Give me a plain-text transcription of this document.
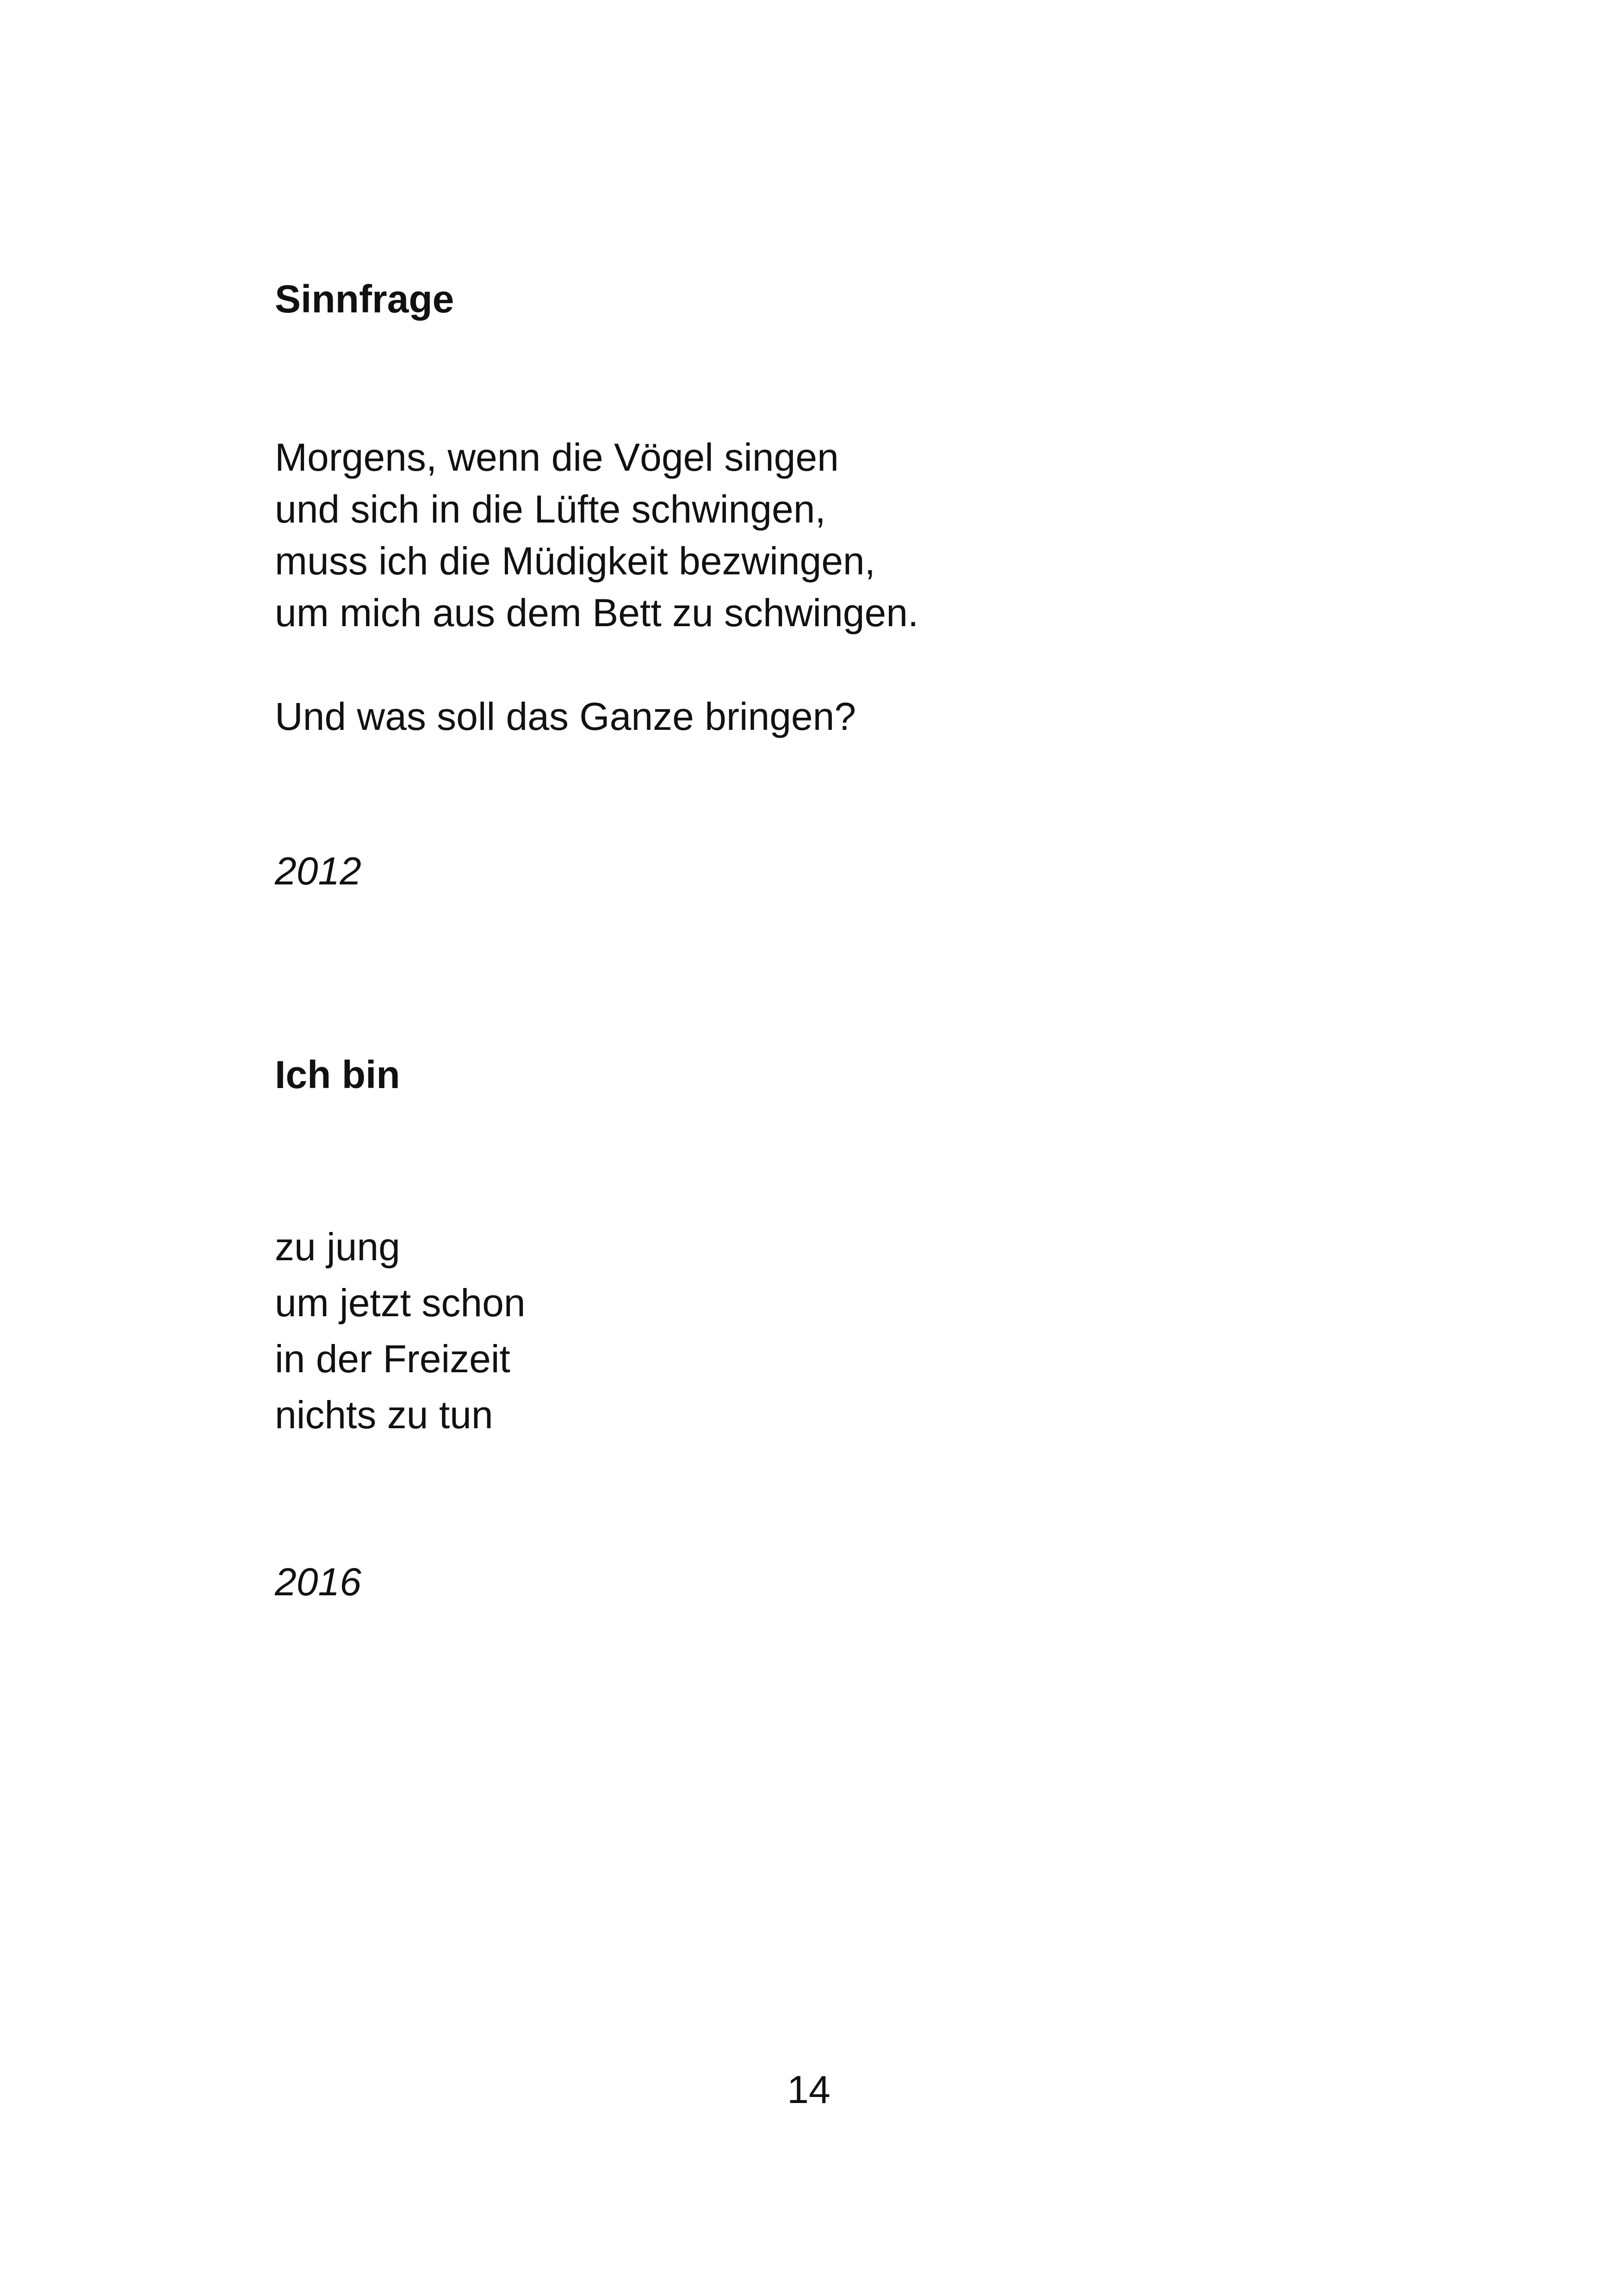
Sinnfrage
Morgens, wenn die Vögel singen
und sich in die Lüfte schwingen,
muss ich die Müdigkeit bezwingen,
um mich aus dem Bett zu schwingen.
Und was soll das Ganze bringen?
2012
Ich bin
zu jung
um jetzt schon
in der Freizeit
nichts zu tun
2016
14
